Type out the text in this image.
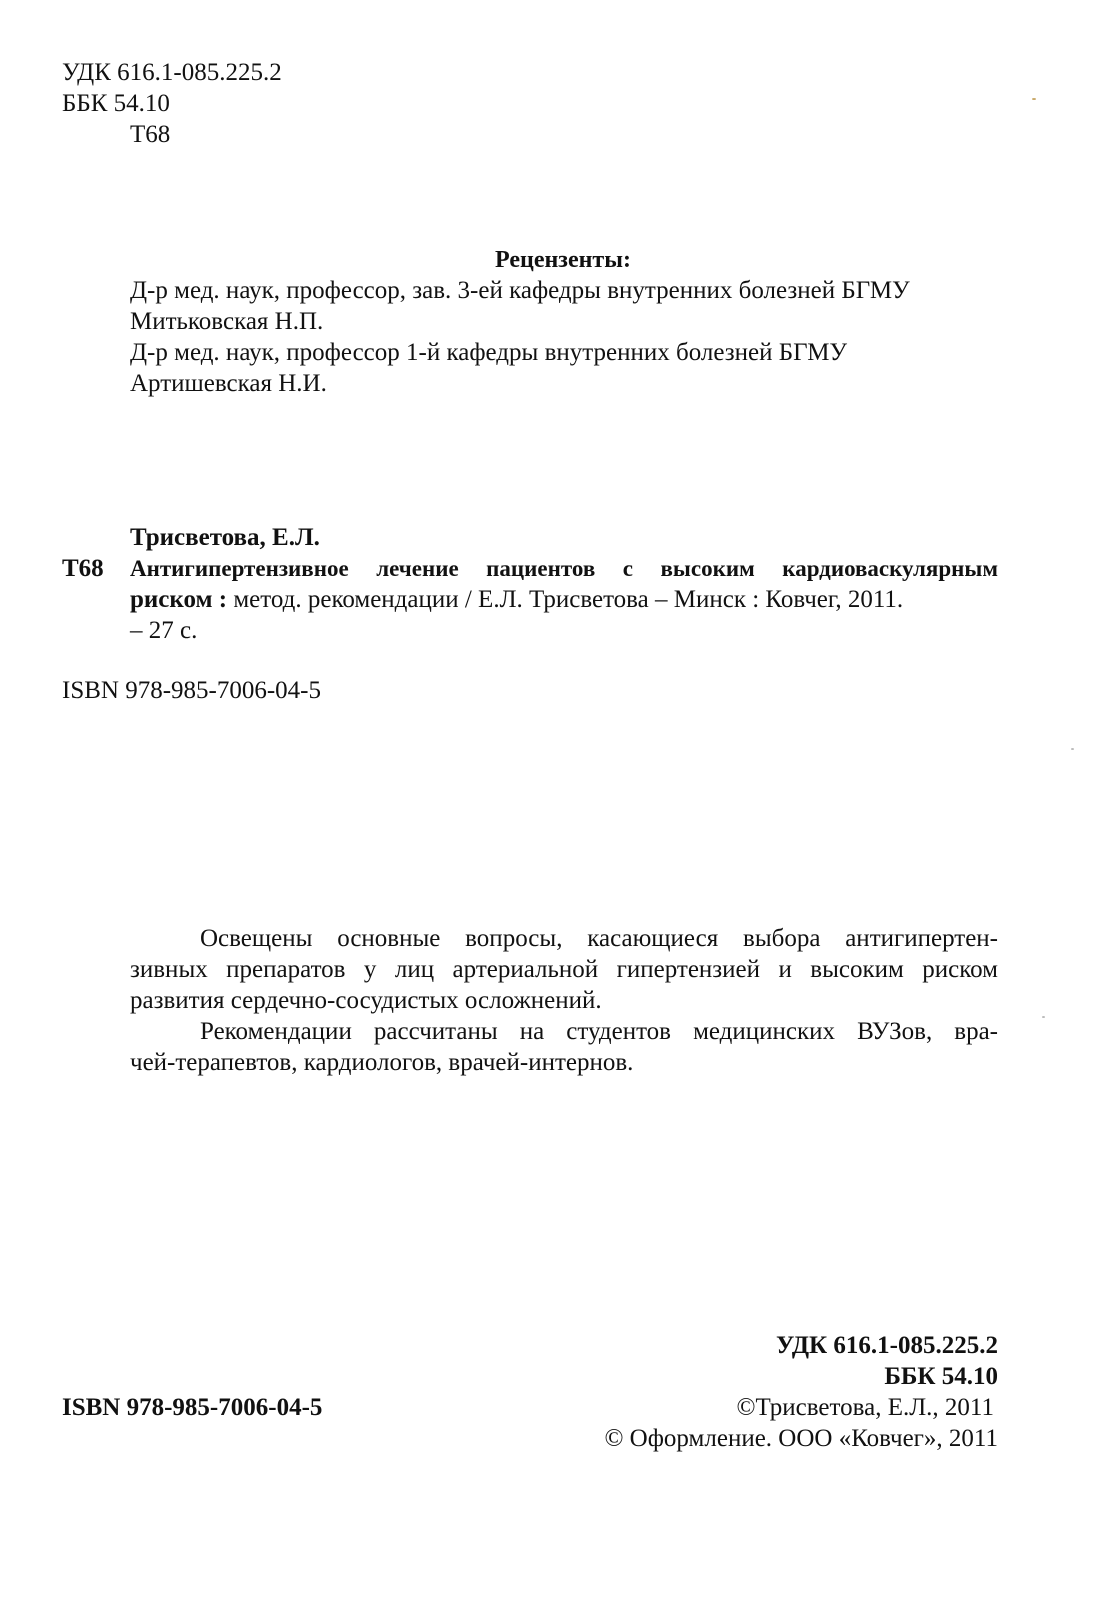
УДК 616.1-085.225.2
ББК 54.10
Т68
Рецензенты:
Д-р мед. наук, профессор, зав. 3-ей кафедры внутренних болезней БГМУ
Митьковская Н.П.
Д-р мед. наук, профессор 1-й кафедры внутренних болезней БГМУ
Артишевская Н.И.
Трисветова, Е.Л.
Т68 Антигипертензивное лечение пациентов с высоким кардиоваскулярным
риском : метод. рекомендации / Е.Л. Трисветова – Минск : Ковчег, 2011.
– 27 с.
ISBN 978-985-7006-04-5
Освещены основные вопросы, касающиеся выбора антигипертен-
зивных препаратов у лиц артериальной гипертензией и высоким риском
развития сердечно-сосудистых осложнений.
Рекомендации рассчитаны на студентов медицинских ВУЗов, вра-
чей-терапевтов, кардиологов, врачей-интернов.
УДК 616.1-085.225.2
ББК 54.10
ISBN 978-985-7006-04-5	©Трисветова, Е.Л., 2011
© Оформление. ООО «Ковчег», 2011
